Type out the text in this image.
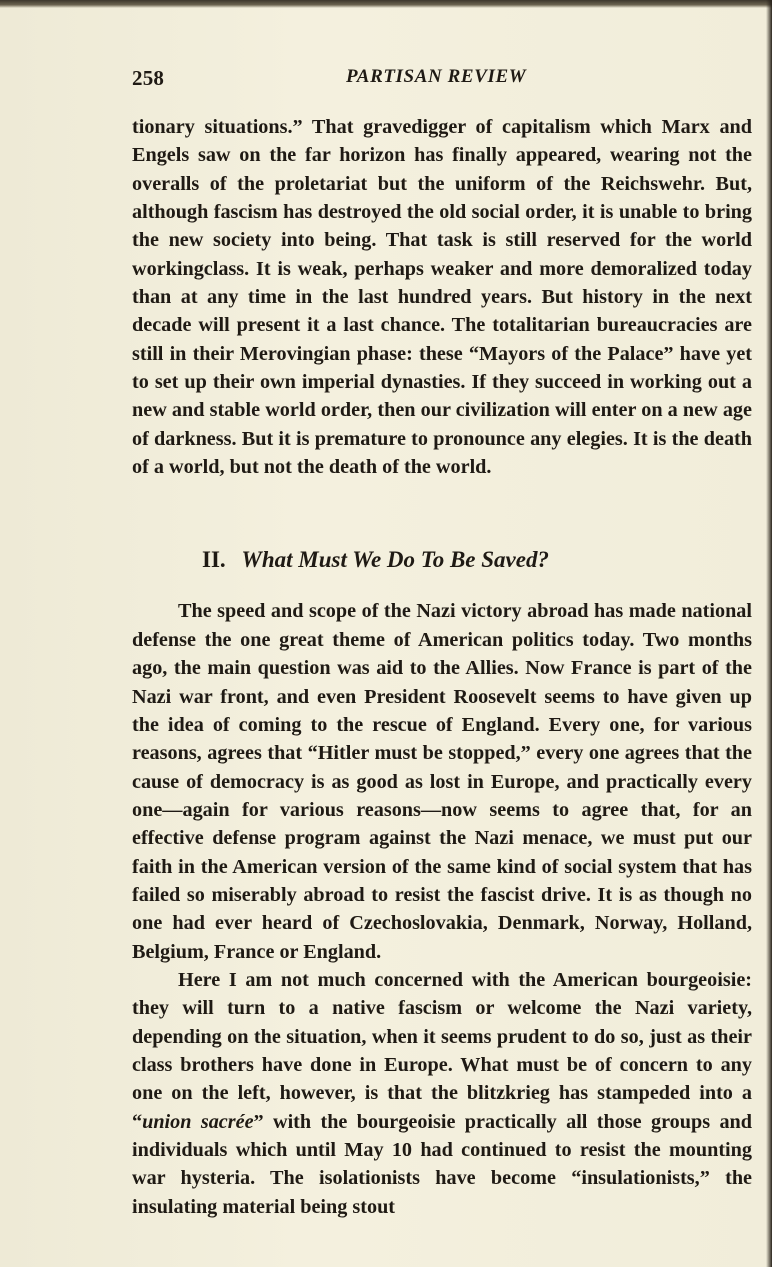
258	PARTISAN REVIEW

tionary situations.” That gravedigger of capitalism which Marx and Engels saw on the far horizon has finally appeared, wearing not the overalls of the proletariat but the uniform of the Reichswehr. But, although fascism has destroyed the old social order, it is unable to bring the new society into being. That task is still reserved for the world workingclass. It is weak, perhaps weaker and more demoralized today than at any time in the last hundred years. But history in the next decade will present it a last chance. The totalitarian bureaucracies are still in their Merovingian phase: these “Mayors of the Palace” have yet to set up their own imperial dynasties. If they succeed in working out a new and stable world order, then our civilization will enter on a new age of darkness. But it is premature to pronounce any elegies. It is the death of a world, but not the death of the world.

II. What Must We Do To Be Saved?

The speed and scope of the Nazi victory abroad has made national defense the one great theme of American politics today. Two months ago, the main question was aid to the Allies. Now France is part of the Nazi war front, and even President Roosevelt seems to have given up the idea of coming to the rescue of England. Every one, for various reasons, agrees that “Hitler must be stopped,” every one agrees that the cause of democracy is as good as lost in Europe, and practically every one—again for various reasons—now seems to agree that, for an effective defense program against the Nazi menace, we must put our faith in the American version of the same kind of social system that has failed so miserably abroad to resist the fascist drive. It is as though no one had ever heard of Czechoslovakia, Denmark, Norway, Holland, Belgium, France or England.

Here I am not much concerned with the American bourgeoisie: they will turn to a native fascism or welcome the Nazi variety, depending on the situation, when it seems prudent to do so, just as their class brothers have done in Europe. What must be of concern to any one on the left, however, is that the blitzkrieg has stampeded into a “union sacrée” with the bourgeoisie practically all those groups and individuals which until May 10 had continued to resist the mounting war hysteria. The isolationists have become “insulationists,” the insulating material being stout
